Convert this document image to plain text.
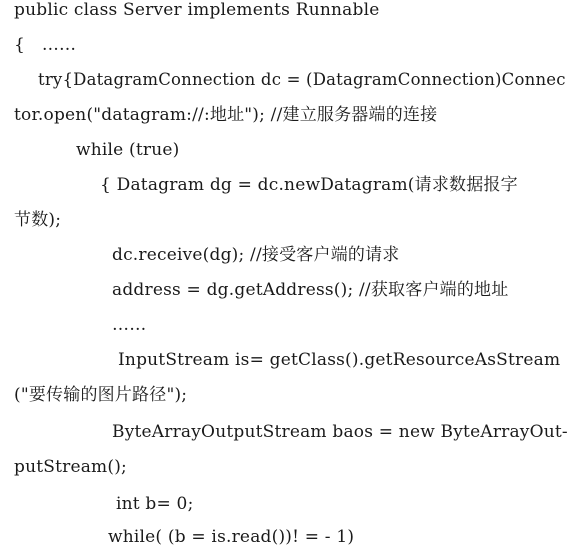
public class Server implements Runnable
{   ……
try{DatagramConnection dc = (DatagramConnection)Connec
tor.open("datagram://:地址"); //建立服务器端的连接
while (true)
{ Datagram dg = dc.newDatagram(请求数据报字
节数);
dc.receive(dg); //接受客户端的请求
address = dg.getAddress(); //获取客户端的地址
……
InputStream is= getClass().getResourceAsStream
("要传输的图片路径");
ByteArrayOutputStream baos = new ByteArrayOut-
putStream();
int b= 0;
while( (b = is.read())! = - 1)
